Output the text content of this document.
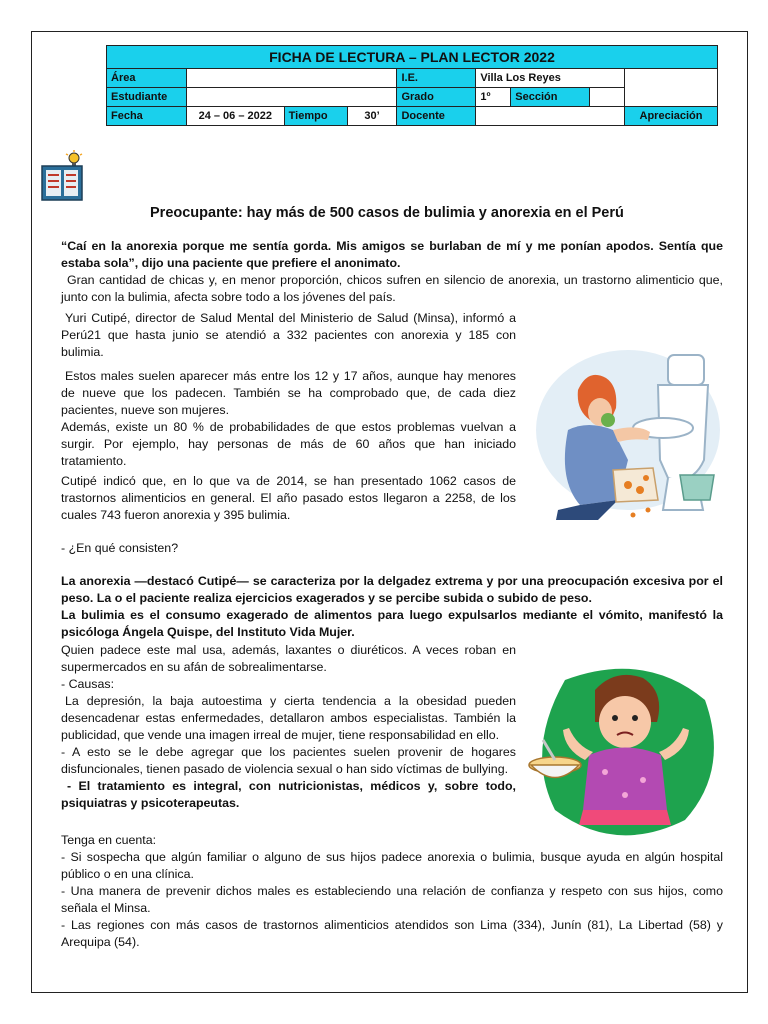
FICHA DE LECTURA – PLAN LECTOR 2022								
Área				I.E.	Villa Los Reyes			
Estudiante				Grado	1º	Sección		
Fecha	24 – 06 – 2022	Tiempo	30’	Docente				Apreciación
Preocupante: hay más de 500 casos de bulimia y anorexia en el Perú

“Caí en la anorexia porque me sentía gorda. Mis amigos se burlaban de mí y me ponían apodos. Sentía que estaba sola”, dijo una paciente que prefiere el anonimato.

Gran cantidad de chicas y, en menor proporción, chicos sufren en silencio de anorexia, un trastorno alimenticio que, junto con la bulimia, afecta sobre todo a los jóvenes del país.

Yuri Cutipé, director de Salud Mental del Ministerio de Salud (Minsa), informó a Perú21 que hasta junio se atendió a 332 pacientes con anorexia y 185 con bulimia.

Estos males suelen aparecer más entre los 12 y 17 años, aunque hay menores de nueve que los padecen. También se ha comprobado que, de cada diez pacientes, nueve son mujeres.

Además, existe un 80 % de probabilidades de que estos problemas vuelvan a surgir. Por ejemplo, hay personas de más de 60 años que han iniciado tratamiento.

Cutipé indicó que, en lo que va de 2014, se han presentado 1062 casos de trastornos alimenticios en general. El año pasado estos llegaron a 2258, de los cuales 743 fueron anorexia y 395 bulimia.

- ¿En qué consisten?

La anorexia —destacó Cutipé— se caracteriza por la delgadez extrema y por una preocupación excesiva por el peso. La o el paciente realiza ejercicios exagerados y se percibe subida o subido de peso.

La bulimia es el consumo exagerado de alimentos para luego expulsarlos mediante el vómito, manifestó la psicóloga Ángela Quispe, del Instituto Vida Mujer.

Quien padece este mal usa, además, laxantes o diuréticos. A veces roban en supermercados en su afán de sobrealimentarse.

- Causas:

La depresión, la baja autoestima y cierta tendencia a la obesidad pueden desencadenar estas enfermedades, detallaron ambos especialistas. También la publicidad, que vende una imagen irreal de mujer, tiene responsabilidad en ello.

- A esto se le debe agregar que los pacientes suelen provenir de hogares disfuncionales, tienen pasado de violencia sexual o han sido víctimas de bullying.

- El tratamiento es integral, con nutricionistas, médicos y, sobre todo, psiquiatras y psicoterapeutas.

Tenga en cuenta:

- Si sospecha que algún familiar o alguno de sus hijos padece anorexia o bulimia, busque ayuda en algún hospital público o en una clínica.

- Una manera de prevenir dichos males es estableciendo una relación de confianza y respeto con sus hijos, como señala el Minsa.

- Las regiones con más casos de trastornos alimenticios atendidos son Lima (334), Junín (81), La Libertad (58) y Arequipa (54).
